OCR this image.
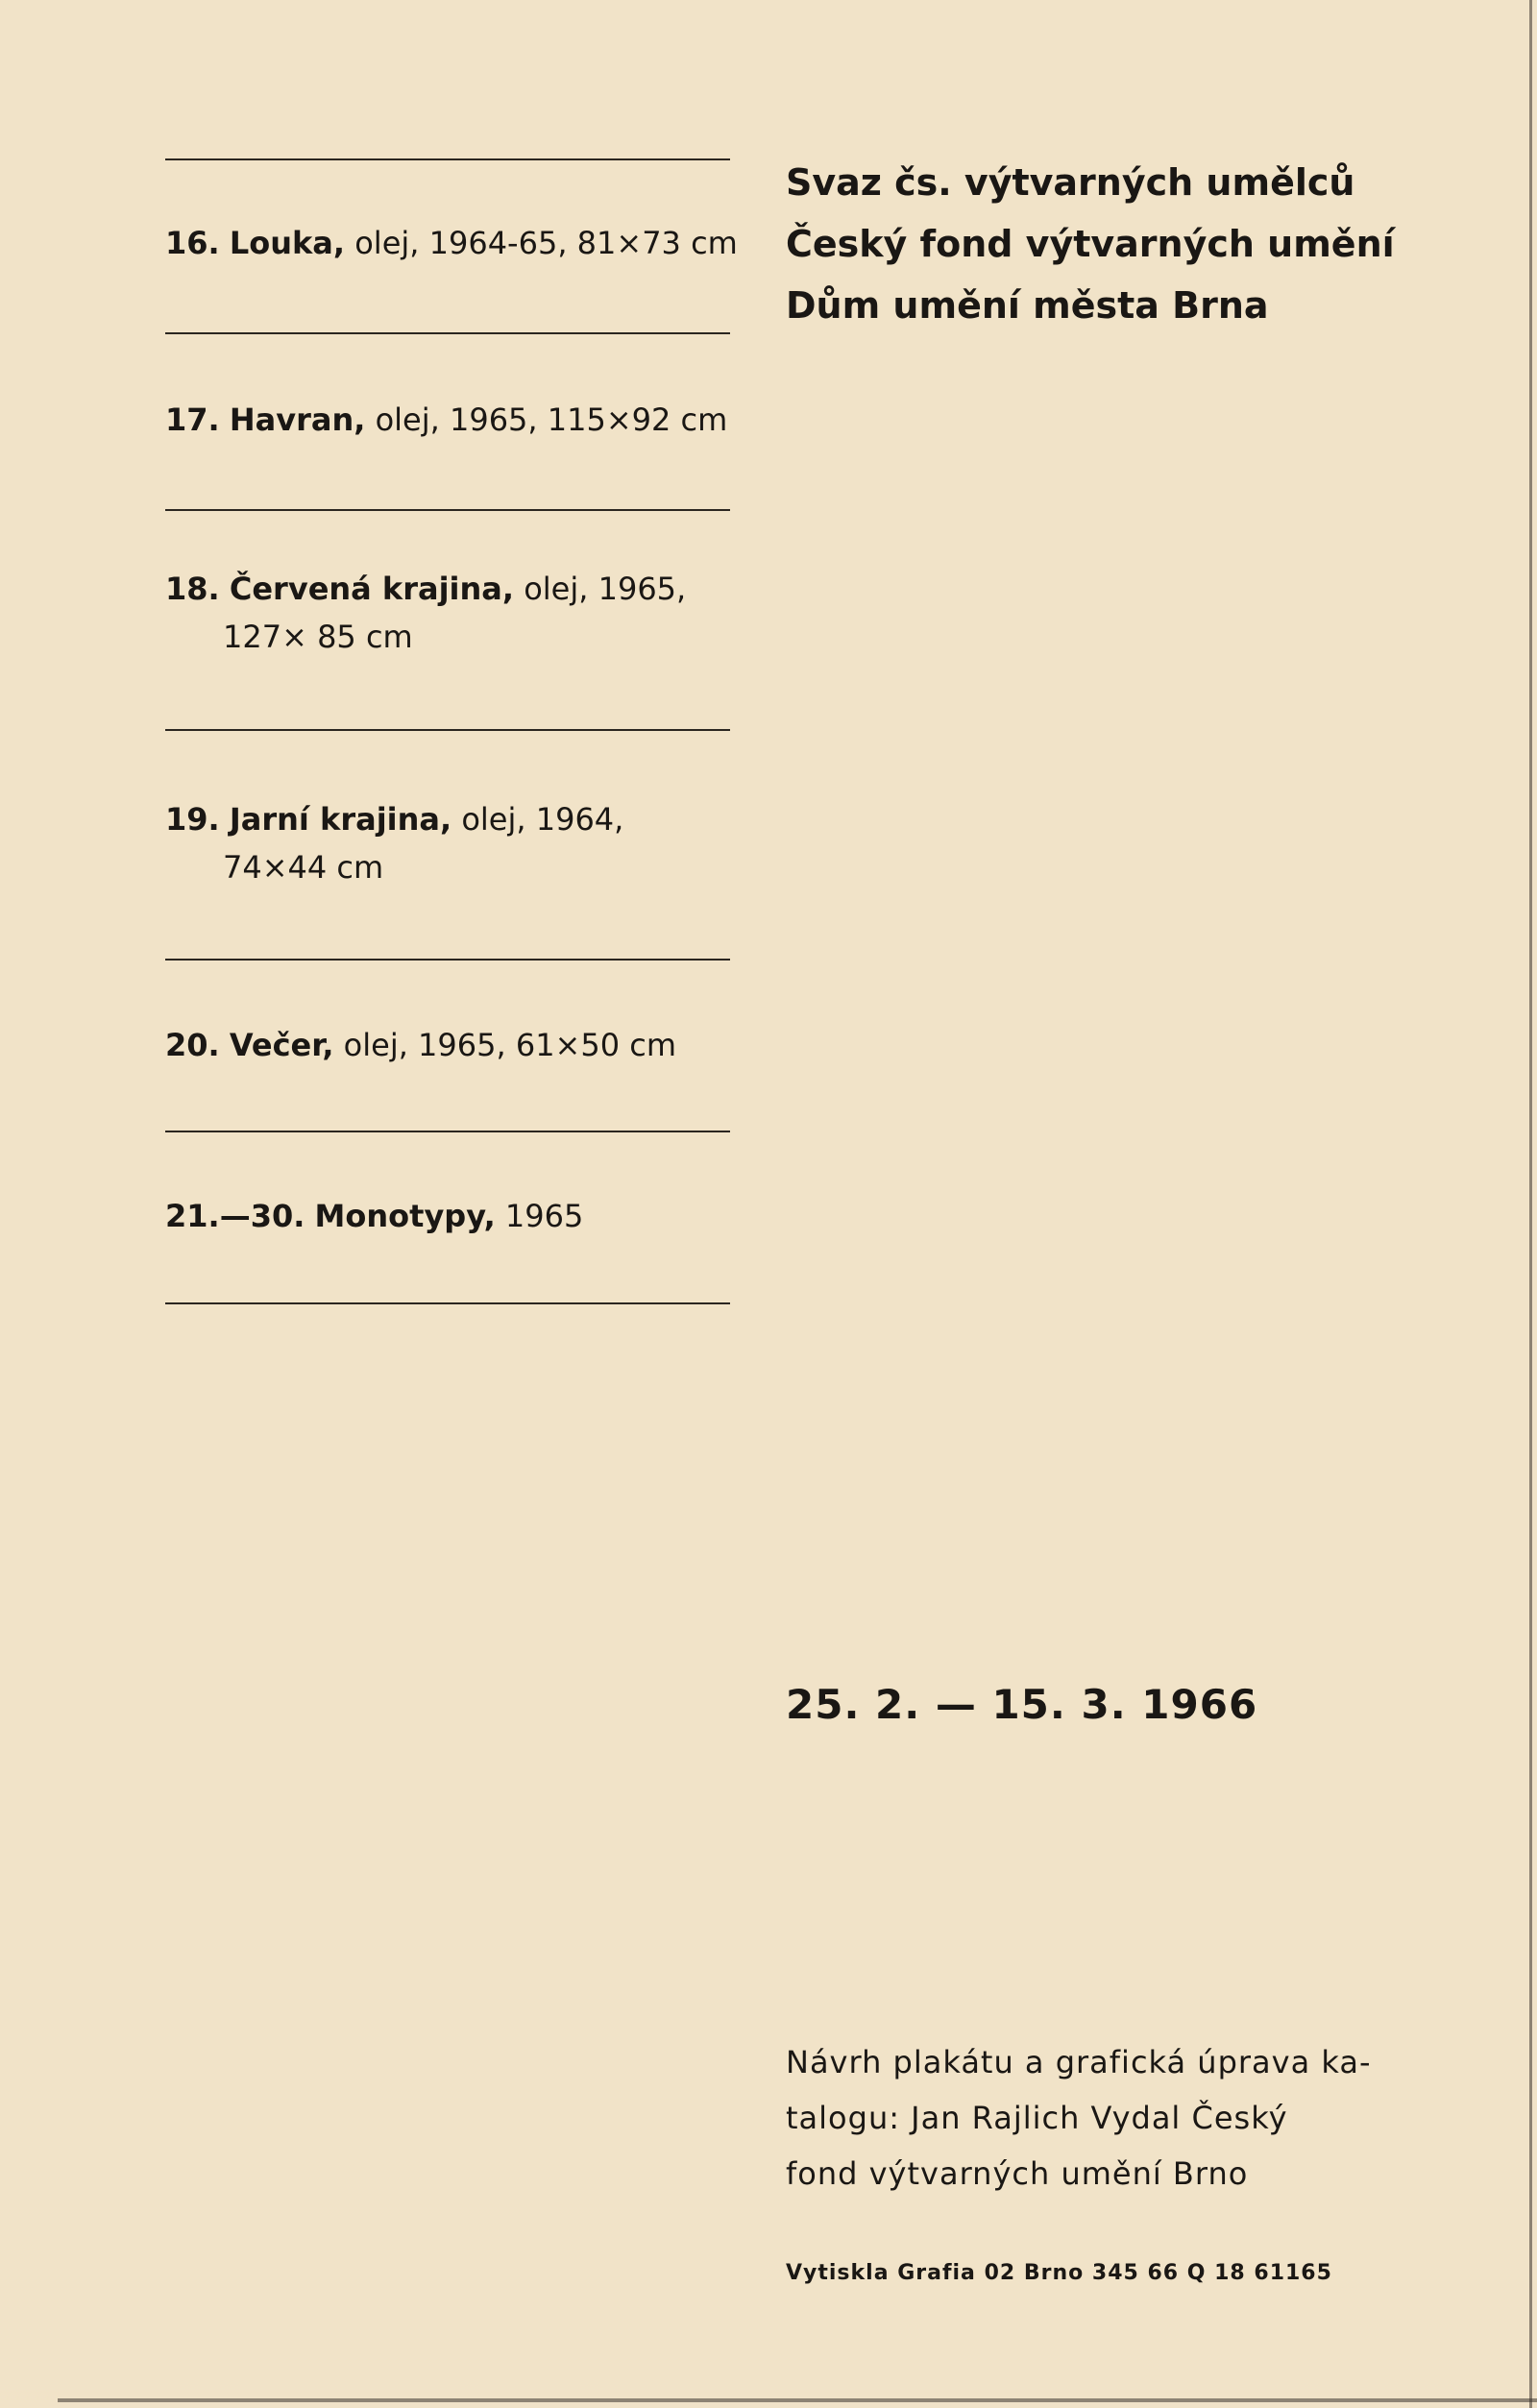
16. Louka, olej, 1964-65, 81×73 cm
17. Havran, olej, 1965, 115×92 cm
18. Červená krajina, olej, 1965,
127× 85 cm
19. Jarní krajina, olej, 1964,
74×44 cm
20. Večer, olej, 1965, 61×50 cm
21.—30. Monotypy, 1965
Svaz čs. výtvarných umělců
Český fond výtvarných umění
Dům umění města Brna
25. 2. — 15. 3. 1966
Návrh plakátu a grafická úprava ka-
talogu: Jan Rajlich Vydal Český
fond výtvarných umění Brno
Vytiskla Grafia 02 Brno 345 66 Q 18 61165
